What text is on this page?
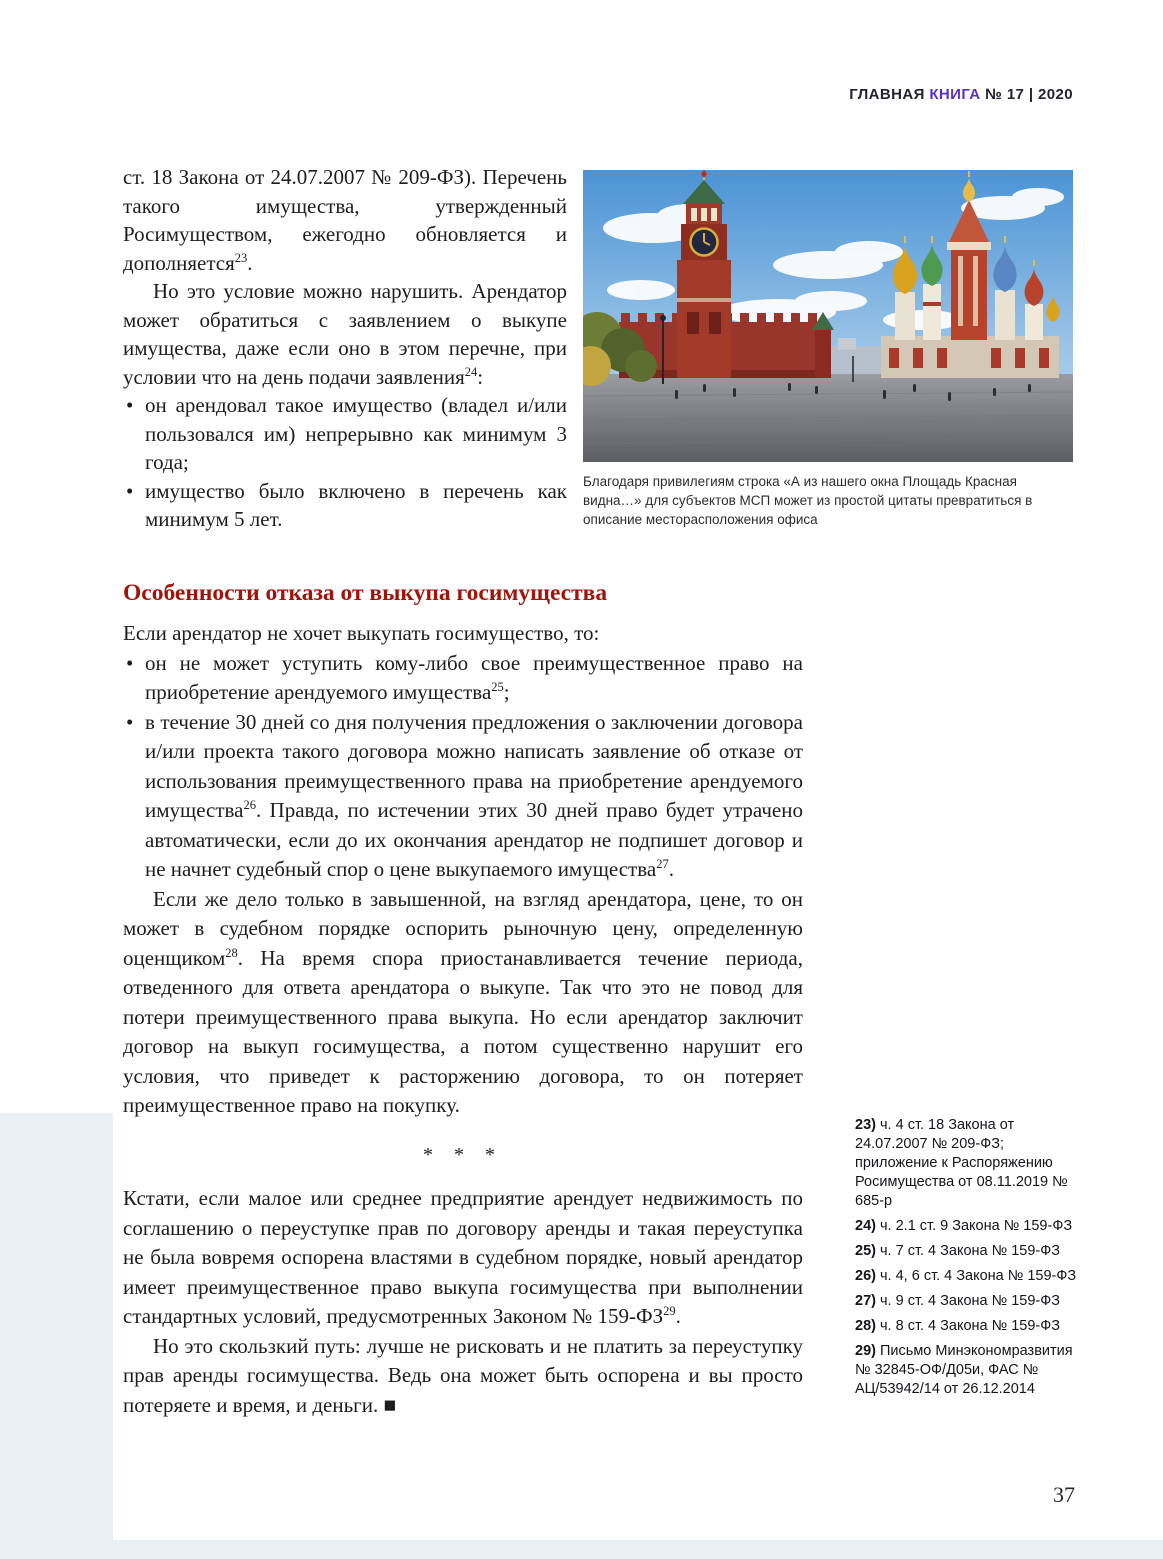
ГЛАВНАЯ КНИГА № 17 | 2020

ст. 18 Закона от 24.07.2007 № 209-ФЗ). Перечень такого имущества, утвержденный Росимуществом, ежегодно обновляется и дополняется$^{23}$.

Но это условие можно нарушить. Арендатор может обратиться с заявлением о выкупе имущества, даже если оно в этом перечне, при условии что на день подачи заявления$^{24}$:

• он арендовал такое имущество (владел и/или пользовался им) непрерывно как минимум 3 года;
• имущество было включено в перечень как минимум 5 лет.
Благодаря привилегиям строка «А из нашего окна Площадь Красная видна…» для субъектов МСП может из простой цитаты превратиться в описание месторасположения офиса
Особенности отказа от выкупа госимущества

Если арендатор не хочет выкупать госимущество, то:

• он не может уступить кому-либо свое преимущественное право на приобретение арендуемого имущества$^{25}$;
• в течение 30 дней со дня получения предложения о заключении договора и/или проекта такого договора можно написать заявление об отказе от использования преимущественного права на приобретение арендуемого имущества$^{26}$. Правда, по истечении этих 30 дней право будет утрачено автоматически, если до их окончания арендатор не подпишет договор и не начнет судебный спор о цене выкупаемого имущества$^{27}$.

Если же дело только в завышенной, на взгляд арендатора, цене, то он может в судебном порядке оспорить рыночную цену, определенную оценщиком$^{28}$. На время спора приостанавливается течение периода, отведенного для ответа арендатора о выкупе. Так что это не повод для потери преимущественного права выкупа. Но если арендатор заключит договор на выкуп госимущества, а потом существенно нарушит его условия, что приведет к расторжению договора, то он потеряет преимущественное право на покупку.

* * *

Кстати, если малое или среднее предприятие арендует недвижимость по соглашению о переуступке прав по договору аренды и такая переуступка не была вовремя оспорена властями в судебном порядке, новый арендатор имеет преимущественное право выкупа госимущества при выполнении стандартных условий, предусмотренных Законом № 159-ФЗ$^{29}$.

Но это скользкий путь: лучше не рисковать и не платить за переуступку прав аренды госимущества. Ведь она может быть оспорена и вы просто потеряете и время, и деньги. ■

23) ч. 4 ст. 18 Закона от 24.07.2007 № 209-ФЗ; приложение к Распоряжению Росимущества от 08.11.2019 № 685-р
24) ч. 2.1 ст. 9 Закона № 159-ФЗ
25) ч. 7 ст. 4 Закона № 159-ФЗ
26) ч. 4, 6 ст. 4 Закона № 159-ФЗ
27) ч. 9 ст. 4 Закона № 159-ФЗ
28) ч. 8 ст. 4 Закона № 159-ФЗ
29) Письмо Минэкономразвития № 32845-ОФ/Д05и, ФАС № АЦ/53942/14 от 26.12.2014
37
